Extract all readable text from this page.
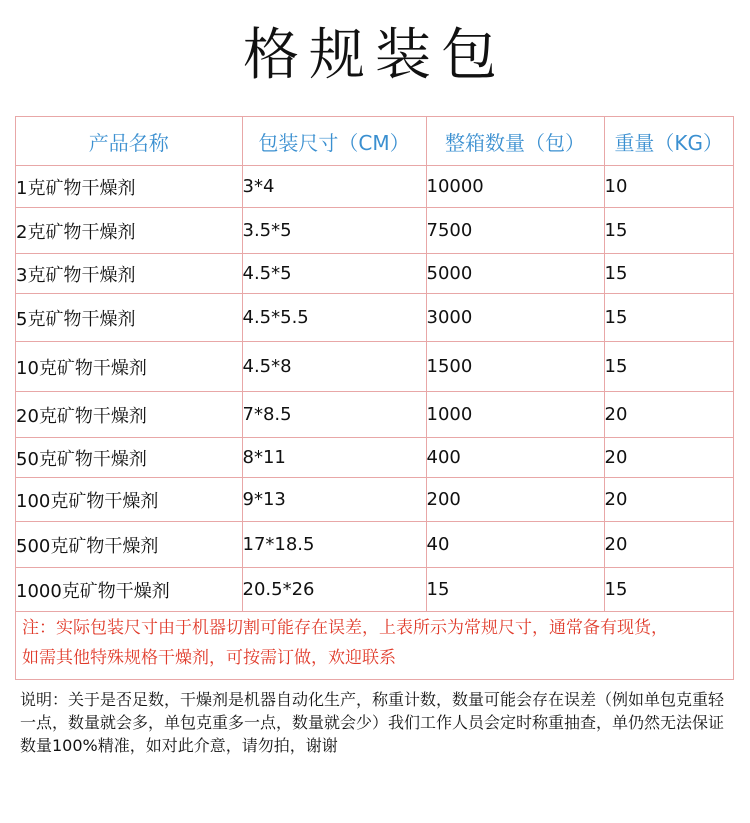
格规装包
产品名称	包装尺寸（CM）	整箱数量（包）	重量（KG）
1克矿物干燥剂	3*4	10000	10
2克矿物干燥剂	3.5*5	7500	15
3克矿物干燥剂	4.5*5	5000	15
5克矿物干燥剂	4.5*5.5	3000	15
10克矿物干燥剂	4.5*8	1500	15
20克矿物干燥剂	7*8.5	1000	20
50克矿物干燥剂	8*11	400	20
100克矿物干燥剂	9*13	200	20
500克矿物干燥剂	17*18.5	40	20
1000克矿物干燥剂	20.5*26	15	15
注：实际包装尺寸由于机器切割可能存在误差，上表所示为常规尺寸，通常备有现货，
如需其他特殊规格干燥剂，可按需订做，欢迎联系
说明：关于是否足数，干燥剂是机器自动化生产，称重计数，数量可能会存在误差（例如单包克重轻一点，数量就会多，单包克重多一点，数量就会少）我们工作人员会定时称重抽查，单仍然无法保证数量100%精准，如对此介意，请勿拍，谢谢
